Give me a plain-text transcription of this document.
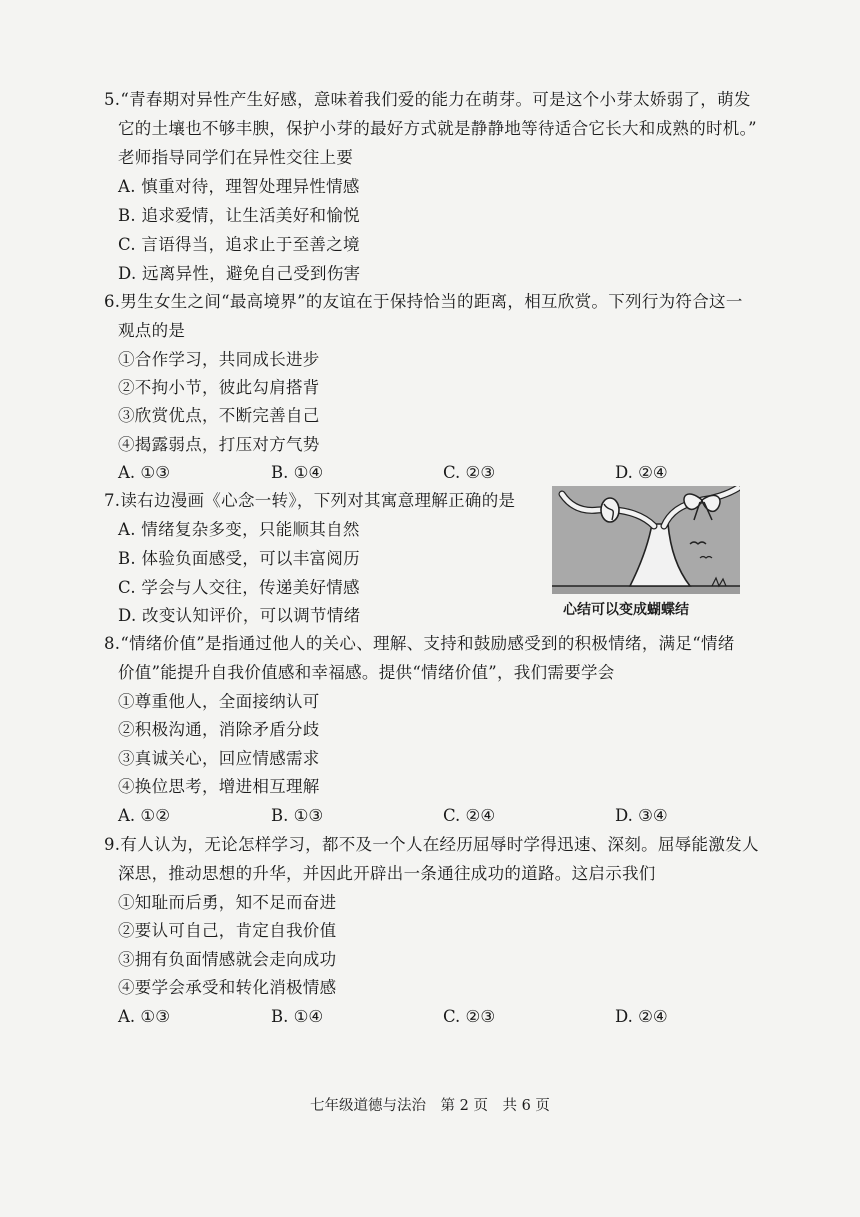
5.“青春期对异性产生好感，意味着我们爱的能力在萌芽。可是这个小芽太娇弱了，萌发
它的土壤也不够丰腴，保护小芽的最好方式就是静静地等待适合它长大和成熟的时机。”
老师指导同学们在异性交往上要
A. 慎重对待，理智处理异性情感
B. 追求爱情，让生活美好和愉悦
C. 言语得当，追求止于至善之境
D. 远离异性，避免自己受到伤害
6.男生女生之间“最高境界”的友谊在于保持恰当的距离，相互欣赏。下列行为符合这一
观点的是
①合作学习，共同成长进步
②不拘小节，彼此勾肩搭背
③欣赏优点，不断完善自己
④揭露弱点，打压对方气势
A. ①③	B. ①④	C. ②③	D. ②④
7.读右边漫画《心念一转》，下列对其寓意理解正确的是
A. 情绪复杂多变，只能顺其自然
B. 体验负面感受，可以丰富阅历
C. 学会与人交往，传递美好情感
D. 改变认知评价，可以调节情绪	心结可以变成蝴蝶结
8.“情绪价值”是指通过他人的关心、理解、支持和鼓励感受到的积极情绪，满足“情绪
价值”能提升自我价值感和幸福感。提供“情绪价值”，我们需要学会
①尊重他人，全面接纳认可
②积极沟通，消除矛盾分歧
③真诚关心，回应情感需求
④换位思考，增进相互理解
A. ①②	B. ①③	C. ②④	D. ③④
9.有人认为，无论怎样学习，都不及一个人在经历屈辱时学得迅速、深刻。屈辱能激发人
深思，推动思想的升华，并因此开辟出一条通往成功的道路。这启示我们
①知耻而后勇，知不足而奋进
②要认可自己，肯定自我价值
③拥有负面情感就会走向成功
④要学会承受和转化消极情感
A. ①③	B. ①④	C. ②③	D. ②④
七年级道德与法治　第 2 页　共 6 页
